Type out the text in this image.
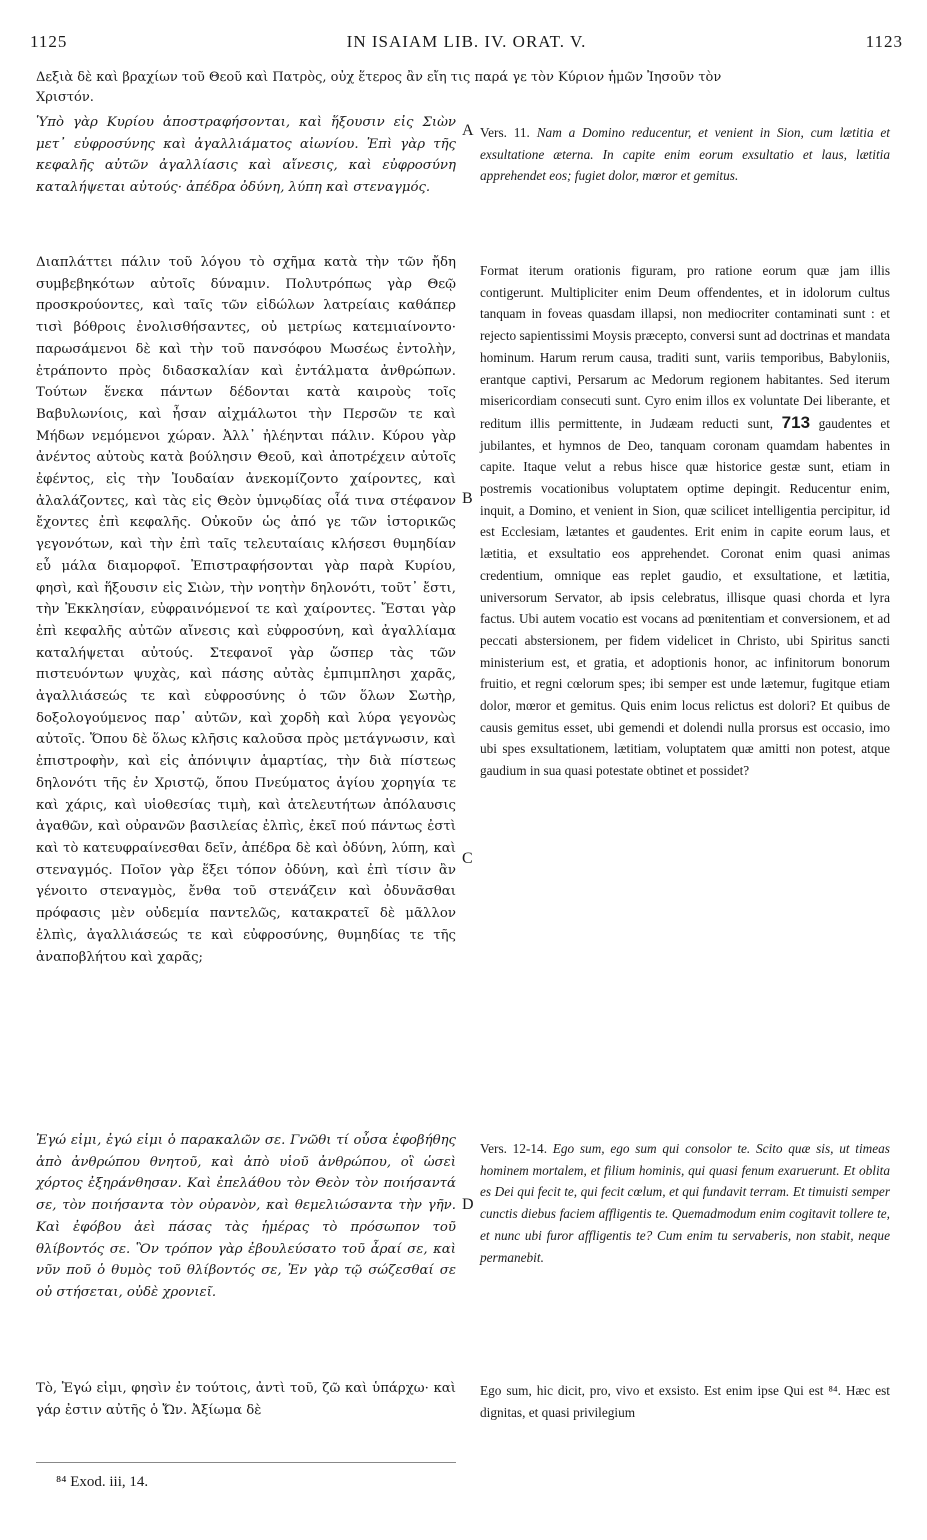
1125	IN ISAIAM LIB. IV. ORAT. V.	1123
Δεξιὰ δὲ καὶ βραχίων τοῦ Θεοῦ καὶ Πατρὸς, οὐχ ἕτερος ἂν εἴη τις παρά γε τὸν Κύριον ἡμῶν Ἰησοῦν τὸν
Χριστόν.

Ὑπὸ γὰρ Κυρίου ἀποστραφήσονται, καὶ ἥξουσιν εἰς Σιὼν μετ᾽ εὐφροσύνης καὶ ἀγαλλιάματος αἰωνίου. Ἐπὶ γὰρ τῆς κεφαλῆς αὐτῶν ἀγαλλίασις καὶ αἴνεσις, καὶ εὐφροσύνη καταλήψεται αὐτούς· ἀπέδρα ὀδύνη, λύπη καὶ στεναγμός.

Διαπλάττει πάλιν τοῦ λόγου τὸ σχῆμα κατὰ τὴν τῶν ἤδη συμβεβηκότων αὐτοῖς δύναμιν. Πολυτρόπως γὰρ Θεῷ προσκρούοντες, καὶ ταῖς τῶν εἰδώλων λατρείαις καθάπερ τισὶ βόθροις ἐνολισθήσαντες, οὐ μετρίως κατεμιαίνοντο· παρωσάμενοι δὲ καὶ τὴν τοῦ πανσόφου Μωσέως ἐντολὴν, ἐτράποντο πρὸς διδασκαλίαν καὶ ἐντάλματα ἀνθρώπων. Τούτων ἕνεκα πάντων δέδονται κατὰ καιροὺς τοῖς Βαβυλωνίοις, καὶ ἦσαν αἰχμάλωτοι τὴν Περσῶν τε καὶ Μήδων νεμόμενοι χώραν. Ἀλλ᾽ ἠλέηνται πάλιν. Κύρου γὰρ ἀνέντος αὐτοὺς κατὰ βούλησιν Θεοῦ, καὶ ἀποτρέχειν αὐτοῖς ἐφέντος, εἰς τὴν Ἰουδαίαν ἀνεκομίζοντο χαίροντες, καὶ ἀλαλάζοντες, καὶ τὰς εἰς Θεὸν ὑμνῳδίας οἷά τινα στέφανον ἔχοντες ἐπὶ κεφαλῆς. Οὐκοῦν ὡς ἀπό γε τῶν ἱστορικῶς γεγονότων, καὶ τὴν ἐπὶ ταῖς τελευταίαις κλήσεσι θυμηδίαν εὖ μάλα διαμορφοῖ. Ἐπιστραφήσονται γὰρ παρὰ Κυρίου, φησὶ, καὶ ἥξουσιν εἰς Σιὼν, τὴν νοητὴν δηλονότι, τοῦτ᾽ ἔστι, τὴν Ἐκκλησίαν, εὐφραινόμενοί τε καὶ χαίροντες. Ἔσται γὰρ ἐπὶ κεφαλῆς αὐτῶν αἴνεσις καὶ εὐφροσύνη, καὶ ἀγαλλίαμα καταλήψεται αὐτούς. Στεφανοῖ γὰρ ὥσπερ τὰς τῶν πιστευόντων ψυχὰς, καὶ πάσης αὐτὰς ἐμπιμπλησι χαρᾶς, ἀγαλλιάσεώς τε καὶ εὐφροσύνης ὁ τῶν ὅλων Σωτὴρ, δοξολογούμενος παρ᾽ αὐτῶν, καὶ χορδὴ καὶ λύρα γεγονὼς αὐτοῖς. Ὅπου δὲ ὅλως κλῆσις καλοῦσα πρὸς μετάγνωσιν, καὶ ἐπιστροφὴν, καὶ εἰς ἀπόνιψιν ἁμαρτίας, τὴν διὰ πίστεως δηλονότι τῆς ἐν Χριστῷ, ὅπου Πνεύματος ἁγίου χορηγία τε καὶ χάρις, καὶ υἱοθεσίας τιμὴ, καὶ ἀτελευτήτων ἀπόλαυσις ἀγαθῶν, καὶ οὐρανῶν βασιλείας ἐλπὶς, ἐκεῖ πού πάντως ἐστὶ καὶ τὸ κατευφραίνεσθαι δεῖν, ἀπέδρα δὲ καὶ ὀδύνη, λύπη, καὶ στεναγμός. Ποῖον γὰρ ἕξει τόπον ὀδύνη, καὶ ἐπὶ τίσιν ἂν γένοιτο στεναγμὸς, ἔνθα τοῦ στενάζειν καὶ ὀδυνᾶσθαι πρόφασις μὲν οὐδεμία παντελῶς, κατακρατεῖ δὲ μᾶλλον ἐλπὶς, ἀγαλλιάσεώς τε καὶ εὐφροσύνης, θυμηδίας τε τῆς ἀναποβλήτου καὶ χαρᾶς;

Ἐγώ εἰμι, ἐγώ εἰμι ὁ παρακαλῶν σε. Γνῶθι τί οὖσα ἐφοβήθης ἀπὸ ἀνθρώπου θνητοῦ, καὶ ἀπὸ υἱοῦ ἀνθρώπου, οἳ ὡσεὶ χόρτος ἐξηράνθησαν. Καὶ ἐπελάθου τὸν Θεὸν τὸν ποιήσαντά σε, τὸν ποιήσαντα τὸν οὐρανὸν, καὶ θεμελιώσαντα τὴν γῆν. Καὶ ἐφόβου ἀεὶ πάσας τὰς ἡμέρας τὸ πρόσωπον τοῦ θλίβοντός σε. Ὃν τρόπον γὰρ ἐβουλεύσατο τοῦ ἆραί σε, καὶ νῦν ποῦ ὁ θυμὸς τοῦ θλίβοντός σε, Ἐν γὰρ τῷ σώζεσθαί σε οὐ στήσεται, οὐδὲ χρονιεῖ.

Τὸ, Ἐγώ εἰμι, φησὶν ἐν τούτοις, ἀντὶ τοῦ, ζῶ καὶ ὑπάρχω· καὶ γάρ ἐστιν αὐτῆς ὁ Ὤν. Ἀξίωμα δὲ

A
B
C
D

Vers. 11. Nam a Domino reducentur, et venient in Sion, cum lætitia et exsultatione æterna. In capite enim eorum exsultatio et laus, lætitia apprehendet eos; fugiet dolor, mœror et gemitus.

Format iterum orationis figuram, pro ratione eorum quæ jam illis contigerunt. Multipliciter enim Deum offendentes, et in idolorum cultus tanquam in foveas quasdam illapsi, non mediocriter contaminati sunt : et rejecto sapientissimi Moysis præcepto, conversi sunt ad doctrinas et mandata hominum. Harum rerum causa, traditi sunt, variis temporibus, Babyloniis, erantque captivi, Persarum ac Medorum regionem habitantes. Sed iterum misericordiam consecuti sunt. Cyro enim illos ex voluntate Dei liberante, et reditum illis permittente, in Judæam reducti sunt, 713 gaudentes et jubilantes, et hymnos de Deo, tanquam coronam quamdam habentes in capite. Itaque velut a rebus hisce quæ historice gestæ sunt, etiam in postremis vocationibus voluptatem optime depingit. Reducentur enim, inquit, a Domino, et venient in Sion, quæ scilicet intelligentia percipitur, id est Ecclesiam, lætantes et gaudentes. Erit enim in capite eorum laus, et lætitia, et exsultatio eos apprehendet. Coronat enim quasi animas credentium, omnique eas replet gaudio, et exsultatione, et lætitia, universorum Servator, ab ipsis celebratus, illisque quasi chorda et lyra factus. Ubi autem vocatio est vocans ad pœnitentiam et conversionem, et ad peccati abstersionem, per fidem videlicet in Christo, ubi Spiritus sancti ministerium est, et gratia, et adoptionis honor, ac infinitorum bonorum fruitio, et regni cœlorum spes; ibi semper est unde lætemur, fugitque etiam dolor, mœror et gemitus. Quis enim locus relictus est dolori? Et quibus de causis gemitus esset, ubi gemendi et dolendi nulla prorsus est occasio, imo ubi spes exsultationem, lætitiam, voluptatem quæ amitti non potest, atque gaudium in sua quasi potestate obtinet et possidet?

Vers. 12-14. Ego sum, ego sum qui consolor te. Scito quæ sis, ut timeas hominem mortalem, et filium hominis, qui quasi fenum exaruerunt. Et oblita es Dei qui fecit te, qui fecit cœlum, et qui fundavit terram. Et timuisti semper cunctis diebus faciem affligentis te. Quemadmodum enim cogitavit tollere te, et nunc ubi furor affligentis te? Cum enim tu servaberis, non stabit, neque permanebit.

Ego sum, hic dicit, pro, vivo et exsisto. Est enim ipse Qui est ⁸⁴. Hæc est dignitas, et quasi privilegium

⁸⁴ Exod. iii, 14.
